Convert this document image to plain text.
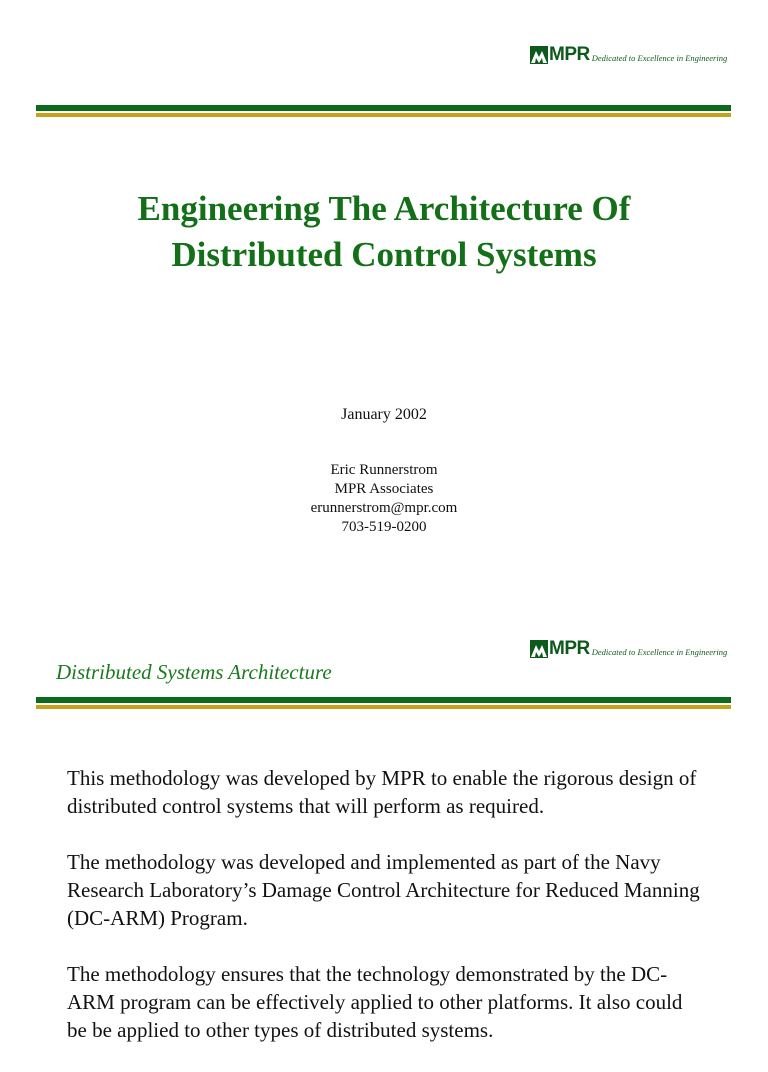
MPR Dedicated to Excellence in Engineering
Engineering The Architecture Of
Distributed Control Systems
January 2002
Eric Runnerstrom
MPR Associates
erunnerstrom@mpr.com
703-519-0200
MPR Dedicated to Excellence in Engineering
Distributed Systems Architecture

This methodology was developed by MPR to enable the rigorous design of distributed control systems that will perform as required.

The methodology was developed and implemented as part of the Navy Research Laboratory’s Damage Control Architecture for Reduced Manning (DC-ARM) Program.

The methodology ensures that the technology demonstrated by the DC-ARM program can be effectively applied to other platforms. It also could be be applied to other types of distributed systems.
